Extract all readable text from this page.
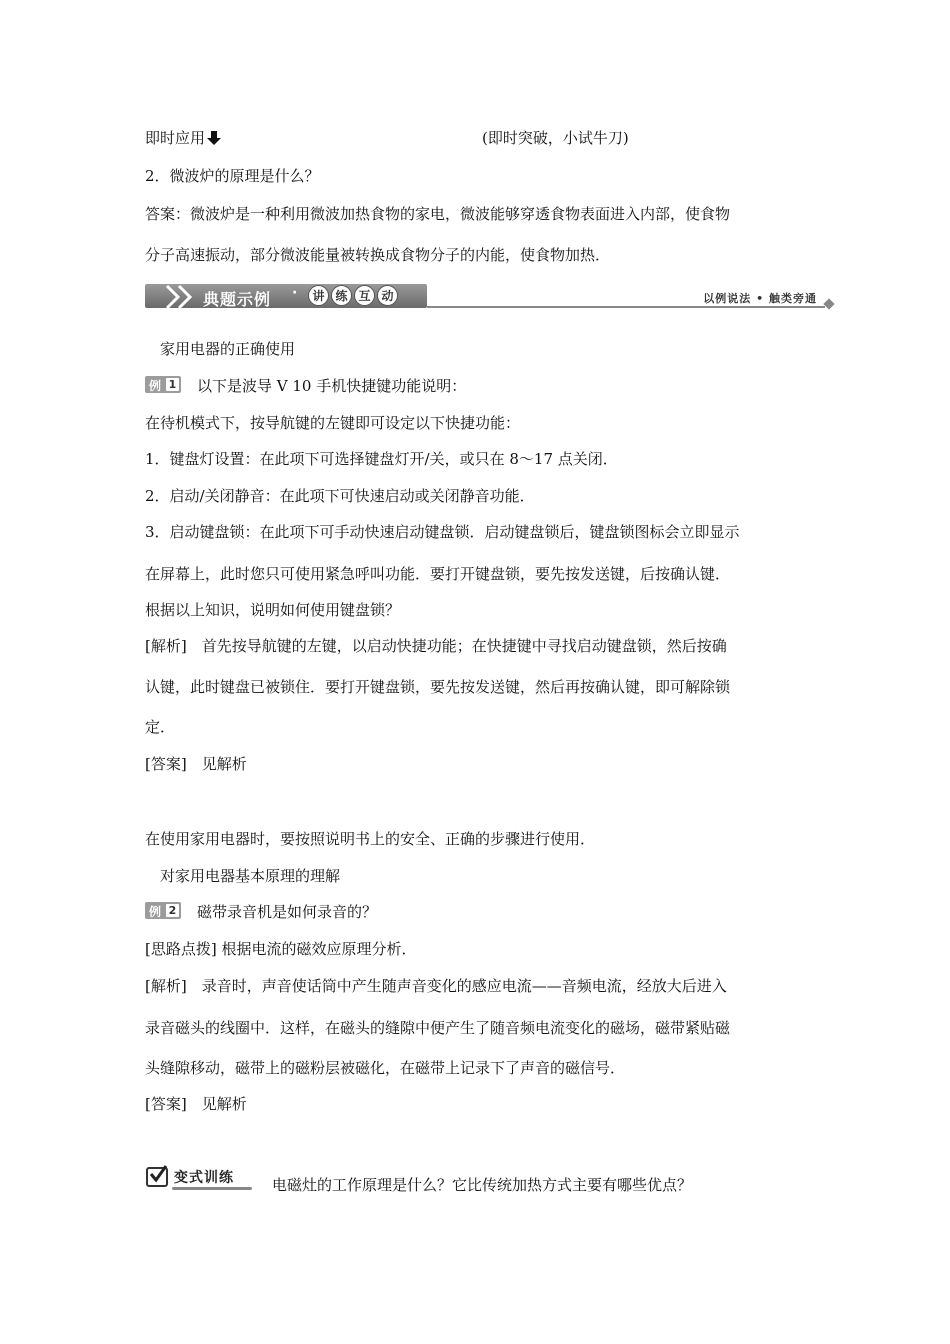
即时应用	(即时突破，小试牛刀)
2．微波炉的原理是什么？
答案：微波炉是一种利用微波加热食物的家电，微波能够穿透食物表面进入内部，使食物
分子高速振动，部分微波能量被转换成食物分子的内能，使食物加热．
典题示例 ·	讲 练 互 动	以例说法 • 触类旁通
家用电器的正确使用
例 1 以下是波导 V 10 手机快捷键功能说明：
在待机模式下，按导航键的左键即可设定以下快捷功能：
1．键盘灯设置：在此项下可选择键盘灯开/关，或只在 8～17 点关闭．
2．启动/关闭静音：在此项下可快速启动或关闭静音功能．
3．启动键盘锁：在此项下可手动快速启动键盘锁．启动键盘锁后，键盘锁图标会立即显示
在屏幕上，此时您只可使用紧急呼叫功能．要打开键盘锁，要先按发送键，后按确认键．
根据以上知识，说明如何使用键盘锁？
[解析]　首先按导航键的左键，以启动快捷功能；在快捷键中寻找启动键盘锁，然后按确
认键，此时键盘已被锁住．要打开键盘锁，要先按发送键，然后再按确认键，即可解除锁
定．
[答案]　见解析
在使用家用电器时，要按照说明书上的安全、正确的步骤进行使用．
对家用电器基本原理的理解
例 2 磁带录音机是如何录音的？
[思路点拨] 根据电流的磁效应原理分析．
[解析]　录音时，声音使话筒中产生随声音变化的感应电流——音频电流，经放大后进入
录音磁头的线圈中．这样，在磁头的缝隙中便产生了随音频电流变化的磁场，磁带紧贴磁
头缝隙移动，磁带上的磁粉层被磁化，在磁带上记录下了声音的磁信号．
[答案]　见解析
变式训练	电磁灶的工作原理是什么？它比传统加热方式主要有哪些优点？
